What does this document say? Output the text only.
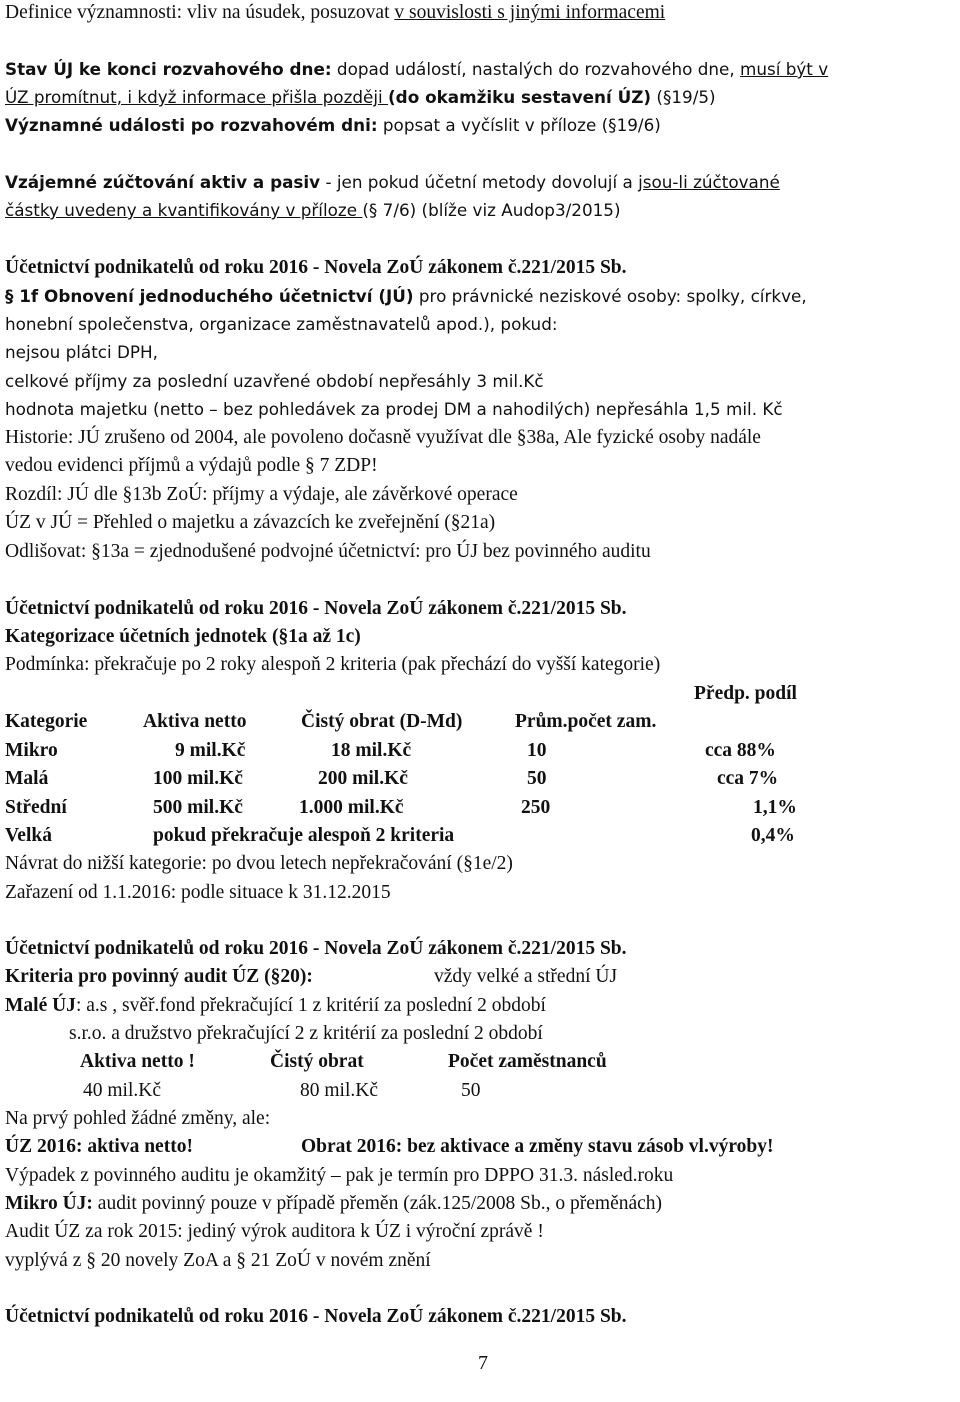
Definice významnosti: vliv na úsudek, posuzovat v souvislosti s jinými informacemi
Stav ÚJ ke konci rozvahového dne: dopad událostí, nastalých do rozvahového dne, musí být v
ÚZ promítnut, i když informace přišla později (do okamžiku sestavení ÚZ) (§19/5)
Významné události po rozvahovém dni: popsat a vyčíslit v příloze (§19/6)
Vzájemné zúčtování aktiv a pasiv - jen pokud účetní metody dovolují a jsou-li zúčtované
částky uvedeny a kvantifikovány v příloze (§ 7/6) (blíže viz Audop3/2015)
Účetnictví podnikatelů od roku 2016 - Novela ZoÚ zákonem č.221/2015 Sb.
§ 1f Obnovení jednoduchého účetnictví (JÚ) pro právnické neziskové osoby: spolky, církve,
honební společenstva, organizace zaměstnavatelů apod.), pokud:
nejsou plátci DPH,
celkové příjmy za poslední uzavřené období nepřesáhly 3 mil.Kč
hodnota majetku (netto – bez pohledávek za prodej DM a nahodilých) nepřesáhla 1,5 mil. Kč
Historie: JÚ zrušeno od 2004, ale povoleno dočasně využívat dle §38a, Ale fyzické osoby nadále
vedou evidenci příjmů a výdajů podle § 7 ZDP!
Rozdíl: JÚ dle §13b ZoÚ: příjmy a výdaje, ale závěrkové operace
ÚZ v JÚ = Přehled o majetku a závazcích ke zveřejnění (§21a)
Odlišovat: §13a = zjednodušené podvojné účetnictví: pro ÚJ bez povinného auditu
Účetnictví podnikatelů od roku 2016 - Novela ZoÚ zákonem č.221/2015 Sb.
Kategorizace účetních jednotek (§1a až 1c)
Podmínka: překračuje po 2 roky alespoň 2 kriteria (pak přechází do vyšší kategorie)
Předp. podíl
Kategorie	Aktiva netto	Čistý obrat (D-Md)	Prům.počet zam.
Mikro	9 mil.Kč	18 mil.Kč	10	cca 88%
Malá	100 mil.Kč	200 mil.Kč	50	cca 7%
Střední	500 mil.Kč	1.000 mil.Kč	250	1,1%
Velká	pokud překračuje alespoň 2 kriteria	0,4%
Návrat do nižší kategorie: po dvou letech nepřekračování (§1e/2)
Zařazení od 1.1.2016: podle situace k 31.12.2015
Účetnictví podnikatelů od roku 2016 - Novela ZoÚ zákonem č.221/2015 Sb.
Kriteria pro povinný audit ÚZ (§20):	vždy velké a střední ÚJ
Malé ÚJ: a.s , svěř.fond překračující 1 z kritérií za poslední 2 období
s.r.o. a družstvo překračující 2 z kritérií za poslední 2 období
Aktiva netto !	Čistý obrat	Počet zaměstnanců
40 mil.Kč	80 mil.Kč	50
Na prvý pohled žádné změny, ale:
ÚZ 2016: aktiva netto!	Obrat 2016: bez aktivace a změny stavu zásob vl.výroby!
Výpadek z povinného auditu je okamžitý – pak je termín pro DPPO 31.3. násled.roku
Mikro ÚJ: audit povinný pouze v případě přeměn (zák.125/2008 Sb., o přeměnách)
Audit ÚZ za rok 2015: jediný výrok auditora k ÚZ i výroční zprávě !
vyplývá z § 20 novely ZoA a § 21 ZoÚ v novém znění
Účetnictví podnikatelů od roku 2016 - Novela ZoÚ zákonem č.221/2015 Sb.
7
